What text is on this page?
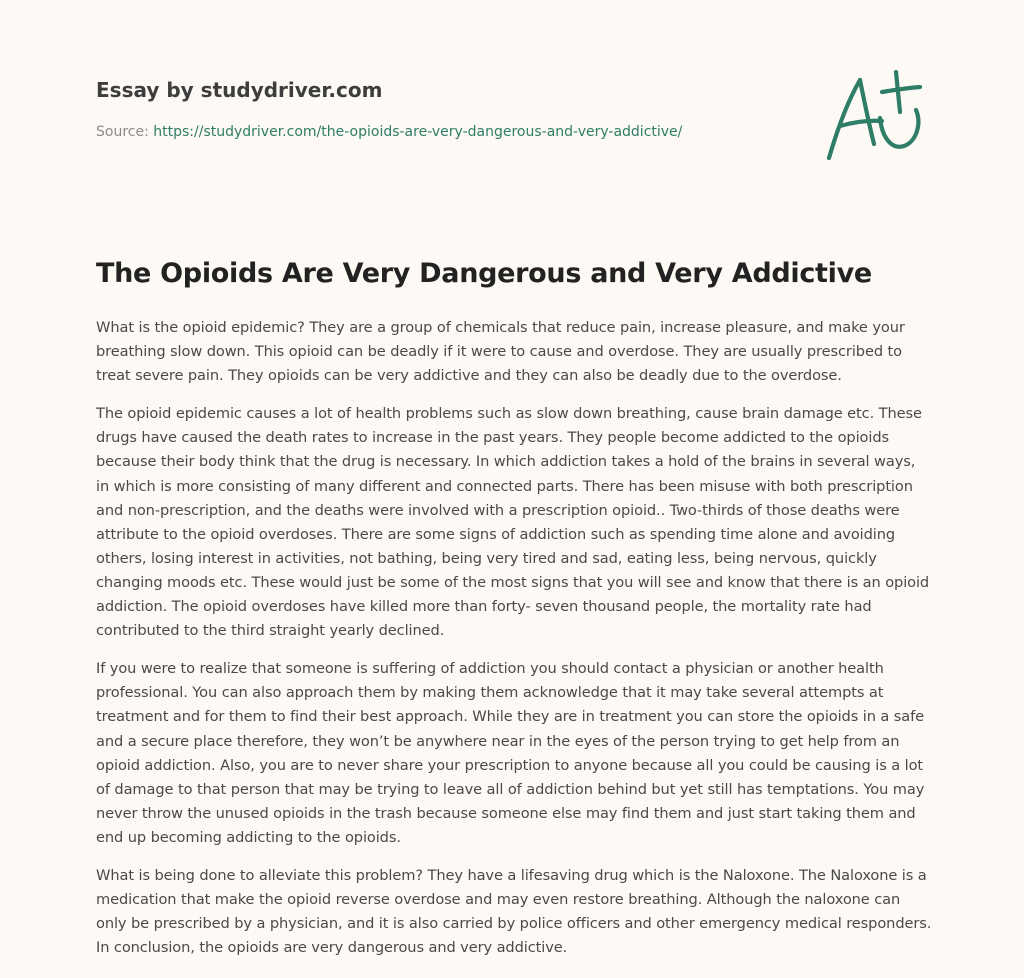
Essay by studydriver.com
Source: https://studydriver.com/the-opioids-are-very-dangerous-and-very-addictive/
The Opioids Are Very Dangerous and Very Addictive

What is the opioid epidemic? They are a group of chemicals that reduce pain, increase pleasure, and make your breathing slow down. This opioid can be deadly if it were to cause and overdose. They are usually prescribed to treat severe pain. They opioids can be very addictive and they can also be deadly due to the overdose.

The opioid epidemic causes a lot of health problems such as slow down breathing, cause brain damage etc. These drugs have caused the death rates to increase in the past years. They people become addicted to the opioids because their body think that the drug is necessary. In which addiction takes a hold of the brains in several ways, in which is more consisting of many different and connected parts. There has been misuse with both prescription and non-prescription, and the deaths were involved with a prescription opioid.. Two-thirds of those deaths were attribute to the opioid overdoses. There are some signs of addiction such as spending time alone and avoiding others, losing interest in activities, not bathing, being very tired and sad, eating less, being nervous, quickly changing moods etc. These would just be some of the most signs that you will see and know that there is an opioid addiction. The opioid overdoses have killed more than forty- seven thousand people, the mortality rate had contributed to the third straight yearly declined.

If you were to realize that someone is suffering of addiction you should contact a physician or another health professional. You can also approach them by making them acknowledge that it may take several attempts at treatment and for them to find their best approach. While they are in treatment you can store the opioids in a safe and a secure place therefore, they won’t be anywhere near in the eyes of the person trying to get help from an opioid addiction. Also, you are to never share your prescription to anyone because all you could be causing is a lot of damage to that person that may be trying to leave all of addiction behind but yet still has temptations. You may never throw the unused opioids in the trash because someone else may find them and just start taking them and end up becoming addicting to the opioids.

What is being done to alleviate this problem? They have a lifesaving drug which is the Naloxone. The Naloxone is a medication that make the opioid reverse overdose and may even restore breathing. Although the naloxone can only be prescribed by a physician, and it is also carried by police officers and other emergency medical responders. In conclusion, the opioids are very dangerous and very addictive.
